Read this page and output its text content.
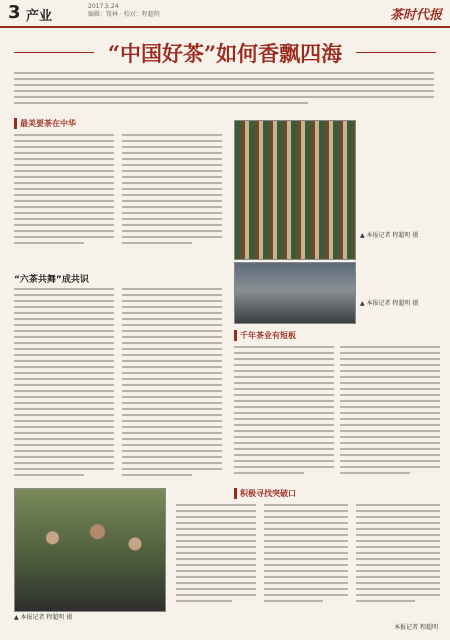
3 产业
2017.5.24
编辑：钮林 · 校对：程超明	茶时代报
“中国好茶”如何香飘四海
最美要茶在中华
▲ 本报记者 程超明 摄
▲ 本报记者 程超明 摄
“六茶共舞”成共识
千年茶业有短板
▲ 本报记者 程超明 摄
积极寻找突破口
本报记者 程超明
